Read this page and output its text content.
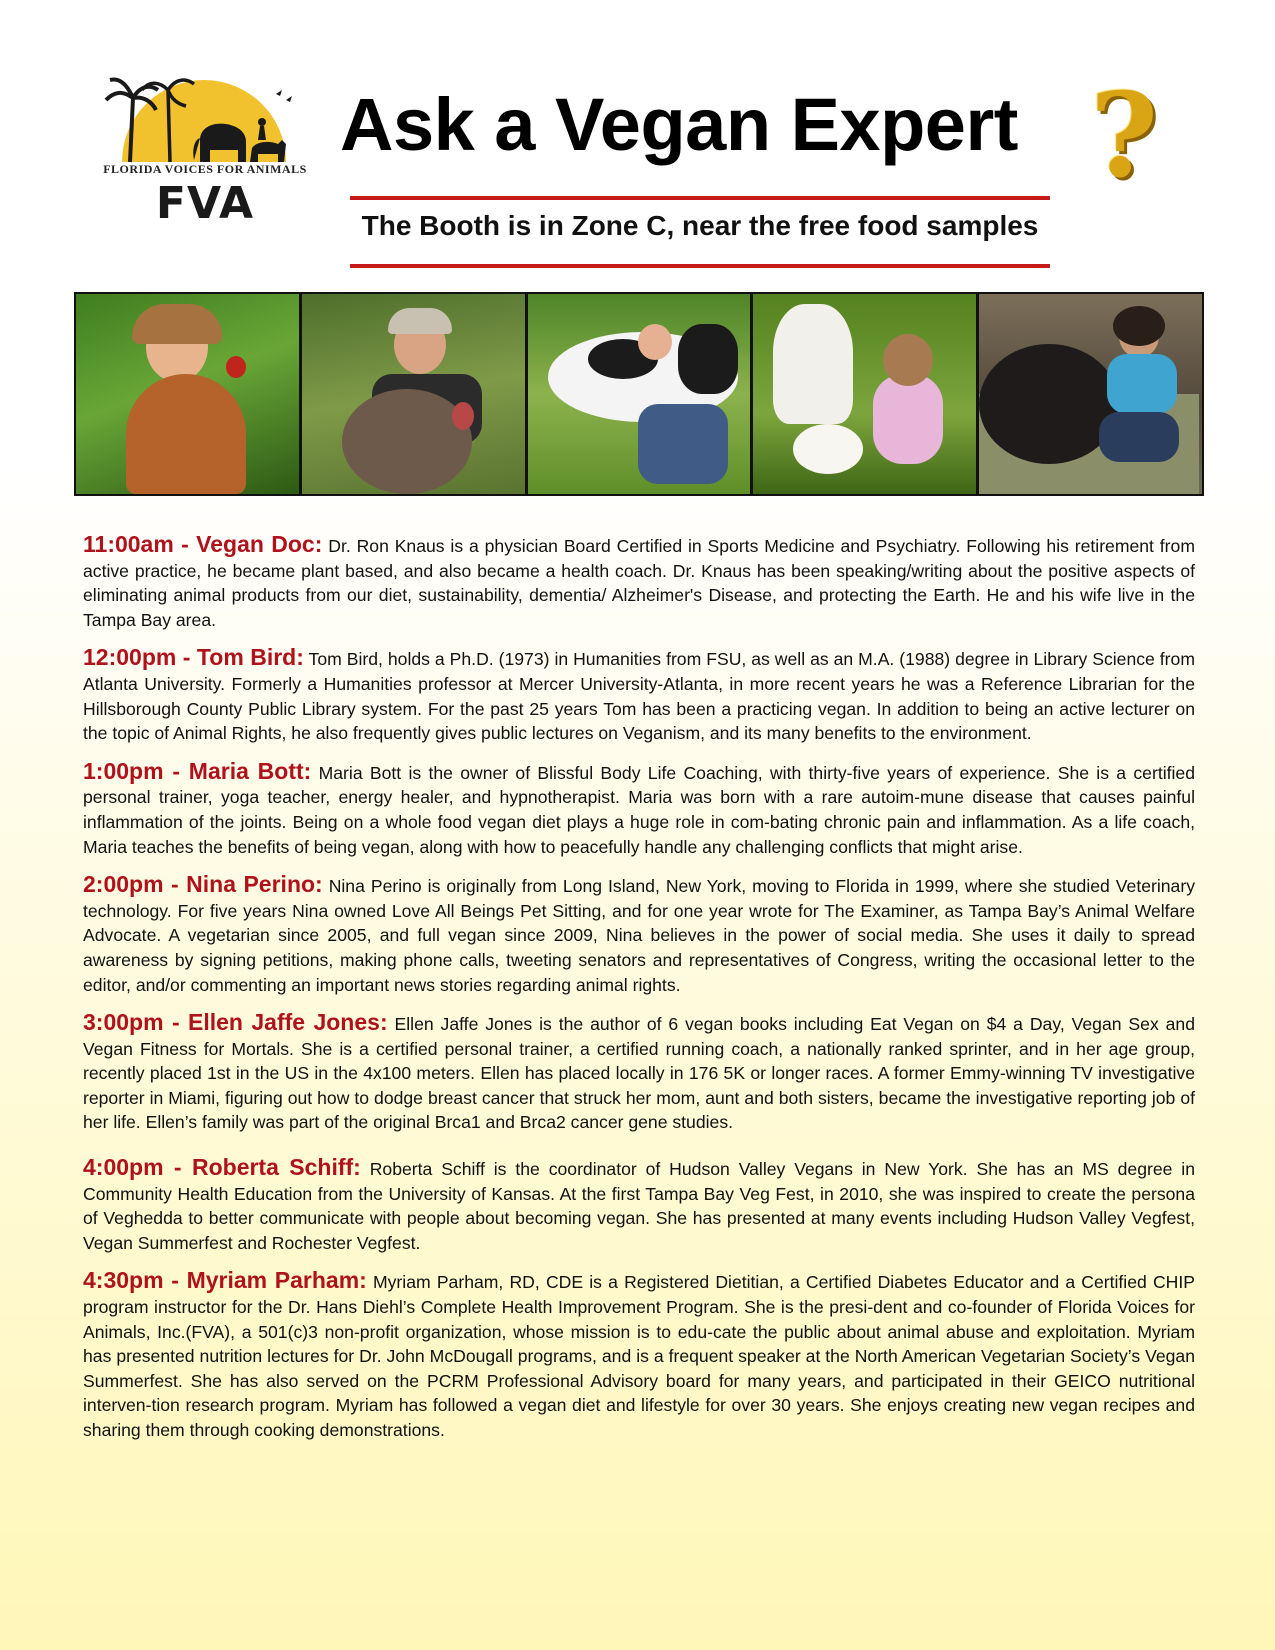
FLORIDA VOICES FOR ANIMALS
FVA
Ask a Vegan Expert ?
The Booth is in Zone C, near the free food samples

11:00am - Vegan Doc: Dr. Ron Knaus is a physician Board Certified in Sports Medicine and Psychiatry. Following his retirement from active practice, he became plant based, and also became a health coach. Dr. Knaus has been speaking/writing about the positive aspects of eliminating animal products from our diet, sustainability, dementia/ Alzheimer's Disease, and protecting the Earth. He and his wife live in the Tampa Bay area.

12:00pm - Tom Bird: Tom Bird, holds a Ph.D. (1973) in Humanities from FSU, as well as an M.A. (1988) degree in Library Science from Atlanta University. Formerly a Humanities professor at Mercer University-Atlanta, in more recent years he was a Reference Librarian for the Hillsborough County Public Library system. For the past 25 years Tom has been a practicing vegan. In addition to being an active lecturer on the topic of Animal Rights, he also frequently gives public lectures on Veganism, and its many benefits to the environment.

1:00pm - Maria Bott: Maria Bott is the owner of Blissful Body Life Coaching, with thirty-five years of experience. She is a certified personal trainer, yoga teacher, energy healer, and hypnotherapist. Maria was born with a rare autoim-mune disease that causes painful inflammation of the joints. Being on a whole food vegan diet plays a huge role in com-bating chronic pain and inflammation. As a life coach, Maria teaches the benefits of being vegan, along with how to peacefully handle any challenging conflicts that might arise.

2:00pm - Nina Perino: Nina Perino is originally from Long Island, New York, moving to Florida in 1999, where she studied Veterinary technology. For five years Nina owned Love All Beings Pet Sitting, and for one year wrote for The Examiner, as Tampa Bay’s Animal Welfare Advocate. A vegetarian since 2005, and full vegan since 2009, Nina believes in the power of social media. She uses it daily to spread awareness by signing petitions, making phone calls, tweeting senators and representatives of Congress, writing the occasional letter to the editor, and/or commenting an important news stories regarding animal rights.

3:00pm - Ellen Jaffe Jones: Ellen Jaffe Jones is the author of 6 vegan books including Eat Vegan on $4 a Day, Vegan Sex and Vegan Fitness for Mortals. She is a certified personal trainer, a certified running coach, a nationally ranked sprinter, and in her age group, recently placed 1st in the US in the 4x100 meters. Ellen has placed locally in 176 5K or longer races. A former Emmy-winning TV investigative reporter in Miami, figuring out how to dodge breast cancer that struck her mom, aunt and both sisters, became the investigative reporting job of her life. Ellen’s family was part of the original Brca1 and Brca2 cancer gene studies.

4:00pm - Roberta Schiff: Roberta Schiff is the coordinator of Hudson Valley Vegans in New York. She has an MS degree in Community Health Education from the University of Kansas. At the first Tampa Bay Veg Fest, in 2010, she was inspired to create the persona of Veghedda to better communicate with people about becoming vegan. She has presented at many events including Hudson Valley Vegfest, Vegan Summerfest and Rochester Vegfest.

4:30pm - Myriam Parham: Myriam Parham, RD, CDE is a Registered Dietitian, a Certified Diabetes Educator and a Certified CHIP program instructor for the Dr. Hans Diehl’s Complete Health Improvement Program. She is the presi-dent and co-founder of Florida Voices for Animals, Inc.(FVA), a 501(c)3 non-profit organization, whose mission is to edu-cate the public about animal abuse and exploitation. Myriam has presented nutrition lectures for Dr. John McDougall programs, and is a frequent speaker at the North American Vegetarian Society’s Vegan Summerfest. She has also served on the PCRM Professional Advisory board for many years, and participated in their GEICO nutritional interven-tion research program. Myriam has followed a vegan diet and lifestyle for over 30 years. She enjoys creating new vegan recipes and sharing them through cooking demonstrations.
